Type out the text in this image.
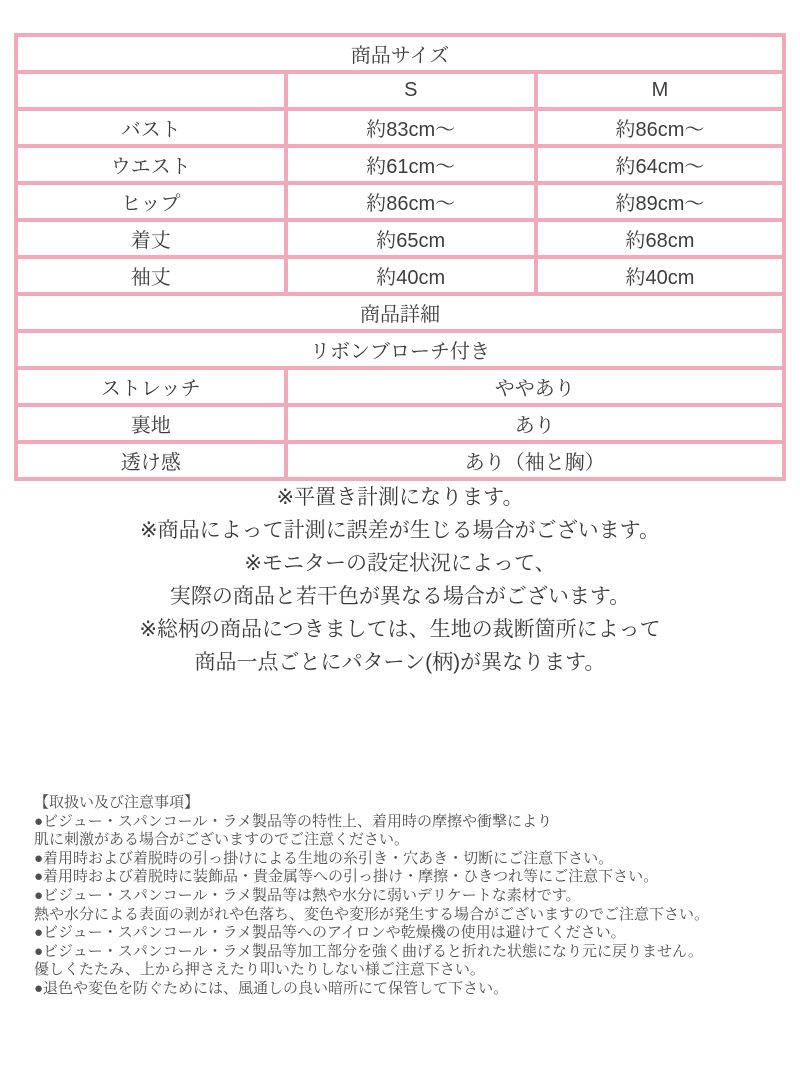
商品サイズ		
	S	M
バスト	約83cm〜	約86cm〜
ウエスト	約61cm〜	約64cm〜
ヒップ	約86cm〜	約89cm〜
着丈	約65cm	約68cm
袖丈	約40cm	約40cm
商品詳細		
リボンブローチ付き		
ストレッチ	ややあり	
裏地	あり	
透け感	あり（袖と胸）	
※平置き計測になります。
※商品によって計測に誤差が生じる場合がございます。
※モニターの設定状況によって、
実際の商品と若干色が異なる場合がございます。
※総柄の商品につきましては、生地の裁断箇所によって
商品一点ごとにパターン(柄)が異なります。
【取扱い及び注意事項】
●ビジュー・スパンコール・ラメ製品等の特性上、着用時の摩擦や衝撃により
肌に刺激がある場合がございますのでご注意ください。
●着用時および着脱時の引っ掛けによる生地の糸引き・穴あき・切断にご注意下さい。
●着用時および着脱時に装飾品・貴金属等への引っ掛け・摩擦・ひきつれ等にご注意下さい。
●ビジュー・スパンコール・ラメ製品等は熱や水分に弱いデリケートな素材です。
熱や水分による表面の剥がれや色落ち、変色や変形が発生する場合がございますのでご注意下さい。
●ビジュー・スパンコール・ラメ製品等へのアイロンや乾燥機の使用は避けてください。
●ビジュー・スパンコール・ラメ製品等加工部分を強く曲げると折れた状態になり元に戻りません。
優しくたたみ、上から押さえたり叩いたりしない様ご注意下さい。
●退色や変色を防ぐためには、風通しの良い暗所にて保管して下さい。
